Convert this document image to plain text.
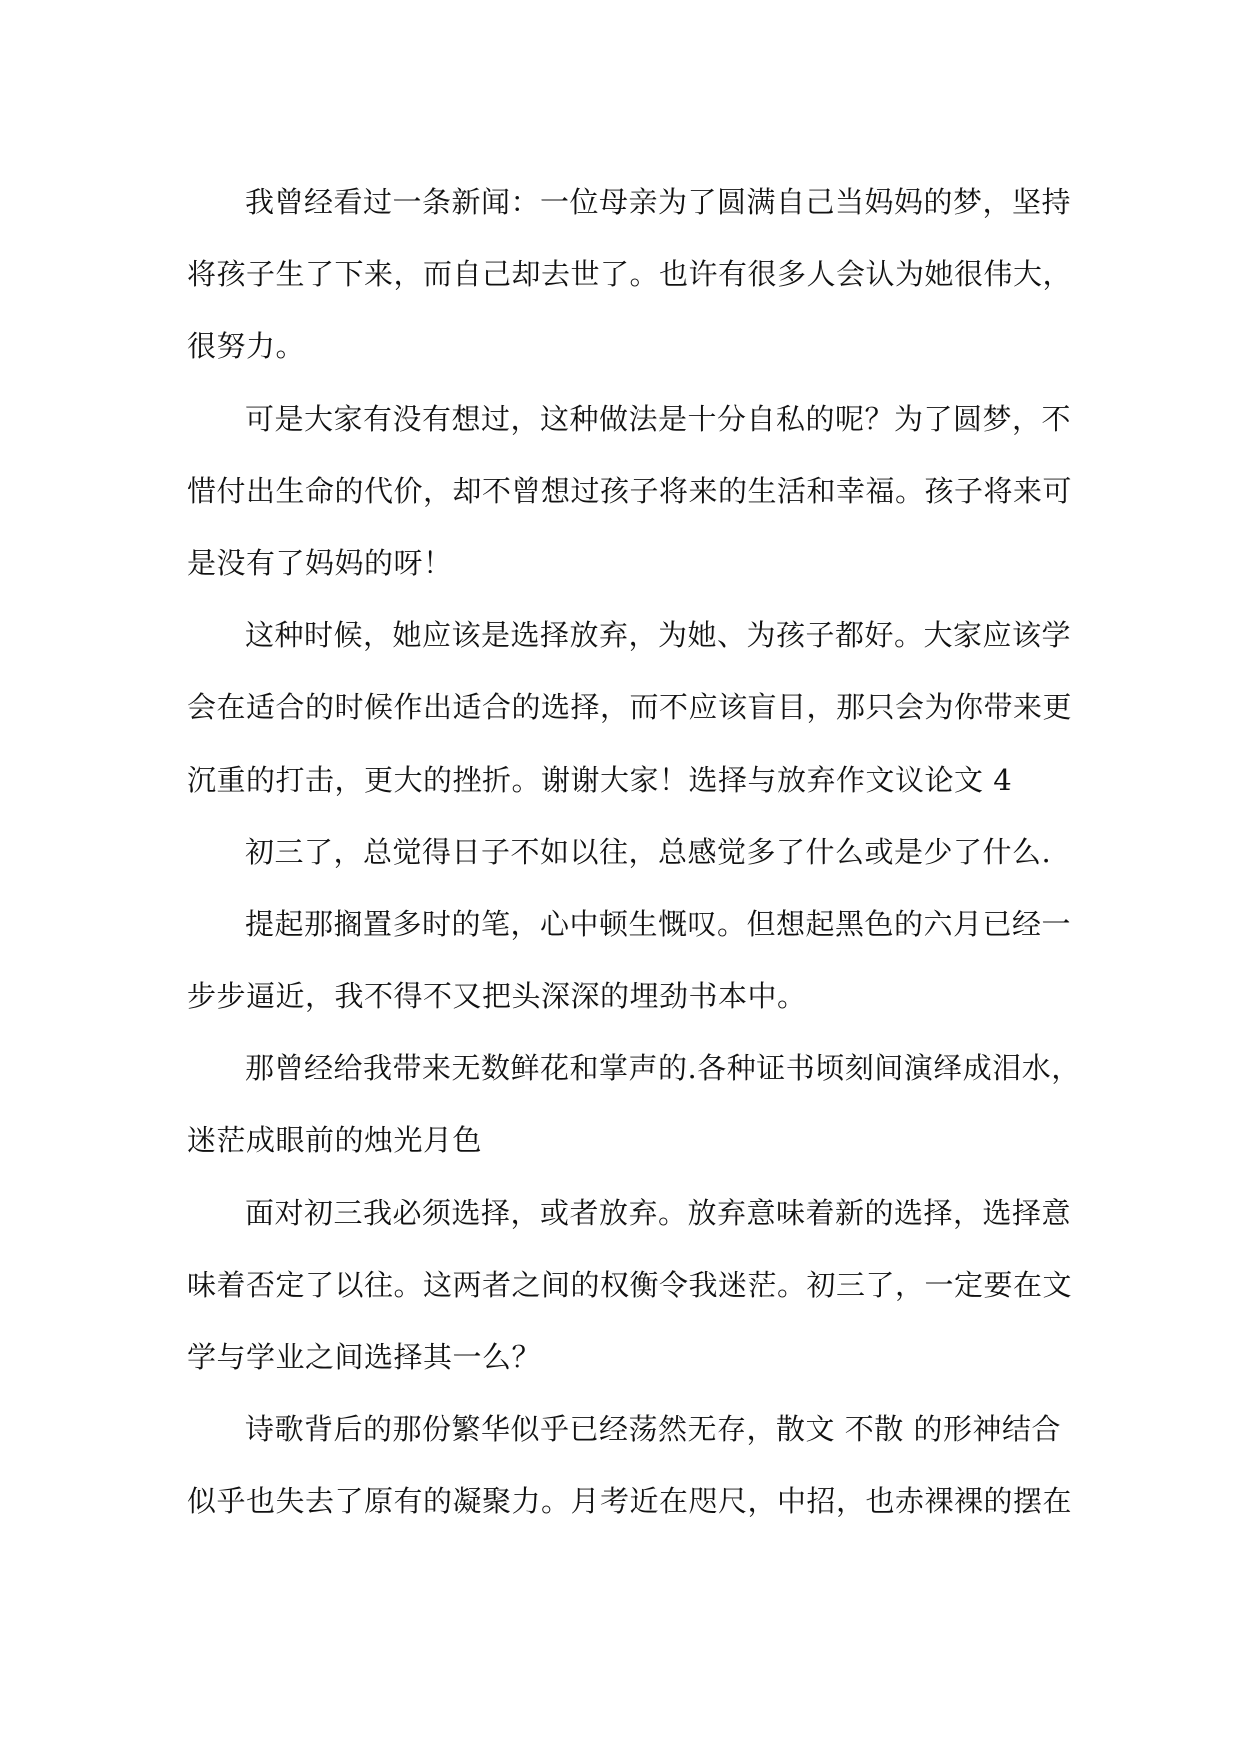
我曾经看过一条新闻：一位母亲为了圆满自己当妈妈的梦，坚持
将孩子生了下来，而自己却去世了。也许有很多人会认为她很伟大，
很努力。

可是大家有没有想过，这种做法是十分自私的呢？为了圆梦，不
惜付出生命的代价，却不曾想过孩子将来的生活和幸福。孩子将来可
是没有了妈妈的呀！

这种时候，她应该是选择放弃，为她、为孩子都好。大家应该学
会在适合的时候作出适合的选择，而不应该盲目，那只会为你带来更
沉重的打击，更大的挫折。谢谢大家！选择与放弃作文议论文 4

初三了，总觉得日子不如以往，总感觉多了什么或是少了什么.

提起那搁置多时的笔，心中顿生慨叹。但想起黑色的六月已经一
步步逼近，我不得不又把头深深的埋劲书本中。

那曾经给我带来无数鲜花和掌声的.各种证书顷刻间演绎成泪水，
迷茫成眼前的烛光月色

面对初三我必须选择，或者放弃。放弃意味着新的选择，选择意
味着否定了以往。这两者之间的权衡令我迷茫。初三了，一定要在文
学与学业之间选择其一么？

诗歌背后的那份繁华似乎已经荡然无存，散文 不散 的形神结合
似乎也失去了原有的凝聚力。月考近在咫尺，中招，也赤裸裸的摆在
